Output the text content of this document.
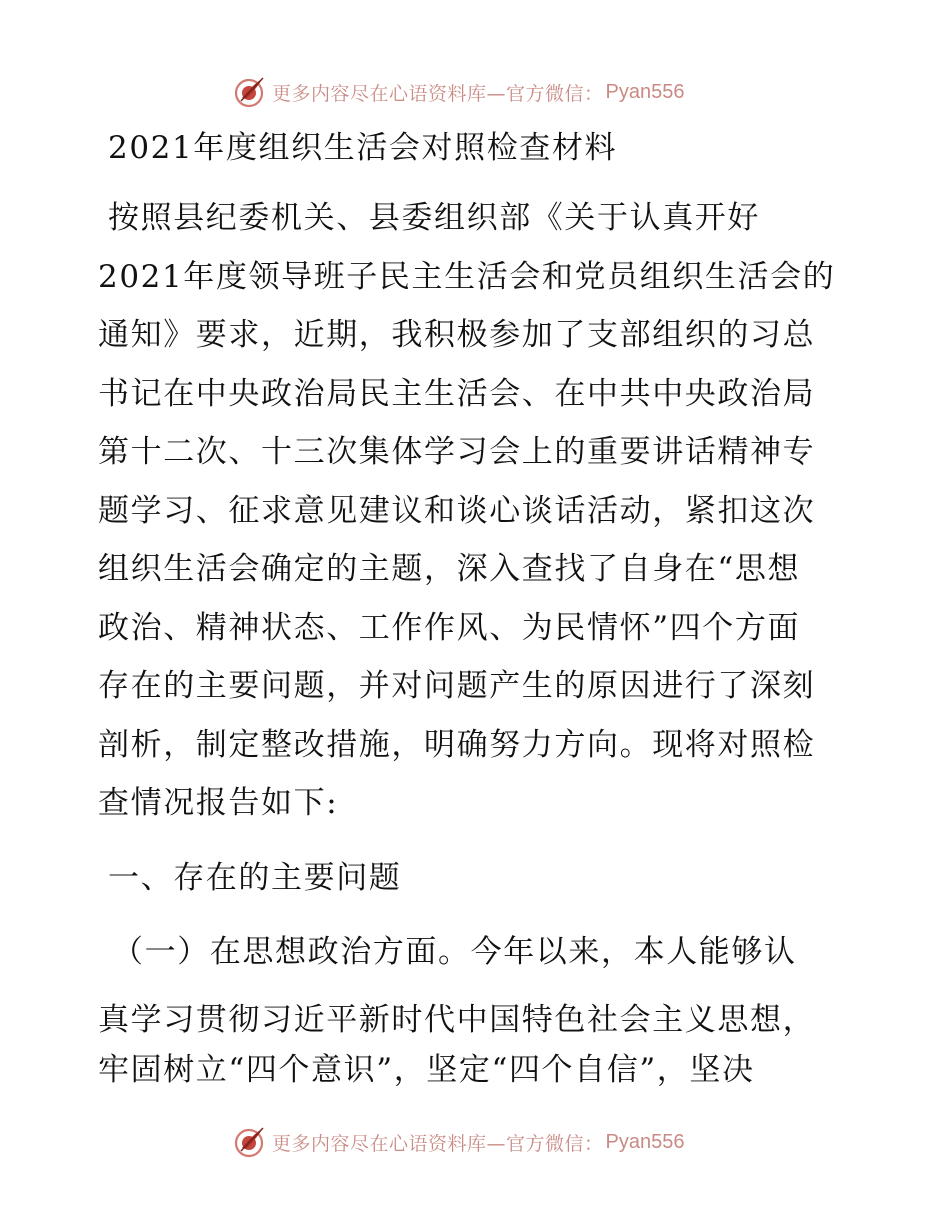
更多内容尽在心语资料库—官方微信： Pyan556

2021年度组织生活会对照检查材料

按照县纪委机关、县委组织部《关于认真开好

2021年度领导班子民主生活会和党员组织生活会的

通知》要求，近期，我积极参加了支部组织的习总

书记在中央政治局民主生活会、在中共中央政治局

第十二次、十三次集体学习会上的重要讲话精神专

题学习、征求意见建议和谈心谈话活动，紧扣这次

组织生活会确定的主题，深入查找了自身在“思想

政治、精神状态、工作作风、为民情怀”四个方面

存在的主要问题，并对问题产生的原因进行了深刻

剖析，制定整改措施，明确努力方向。现将对照检

查情况报告如下:

一、存在的主要问题

（一）在思想政治方面。今年以来，本人能够认

真学习贯彻习近平新时代中国特色社会主义思想，

牢固树立“四个意识”，坚定“四个自信”，坚决

更多内容尽在心语资料库—官方微信： Pyan556
